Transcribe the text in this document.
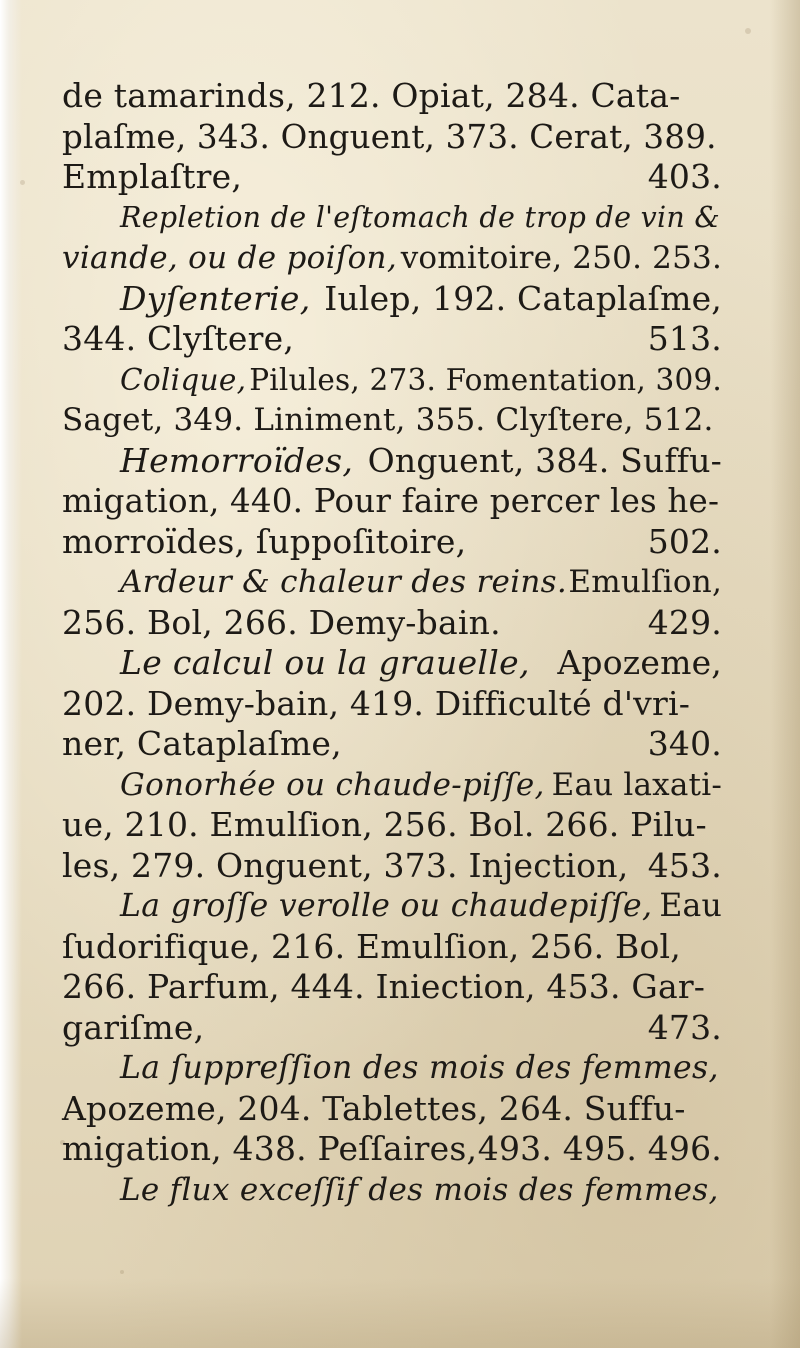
de tamarinds, 212. Opiat, 284. Cata-
plaſme, 343. Onguent, 373. Cerat, 389.
Emplaſtre,	403.
Repletion de l'eſtomach de trop de vin &
viande, ou de poiſon, vomitoire, 250. 253.
Dyſenterie, Iulep, 192. Cataplaſme,
344. Clyſtere,	513.
Colique, Pilules, 273. Fomentation, 309.
Saget, 349. Liniment, 355. Clyſtere, 512.
Hemorroïdes, Onguent, 384. Suffu-
migation, 440. Pour faire percer les he-
morroïdes, ſuppoſitoire,	502.
Ardeur & chaleur des reins. Emulſion,
256. Bol, 266. Demy-bain.	429.
Le calcul ou la grauelle, Apozeme,
202. Demy-bain, 419. Difficulté d'vri-
ner, Cataplaſme,	340.
Gonorhée ou chaude-piſſe, Eau laxati-
ue, 210. Emulſion, 256. Bol. 266. Pilu-
les, 279. Onguent, 373. Injection, 453.
La groſſe verolle ou chaudepiſſe, Eau
ſudorifique, 216. Emulſion, 256. Bol,
266. Parfum, 444. Iniection, 453. Gar-
gariſme,	473.
La ſuppreſſion des mois des femmes,
Apozeme, 204. Tablettes, 264. Suffu-
migation, 438. Peſſaires, 493. 495. 496.
Le flux exceſſif des mois des femmes,
